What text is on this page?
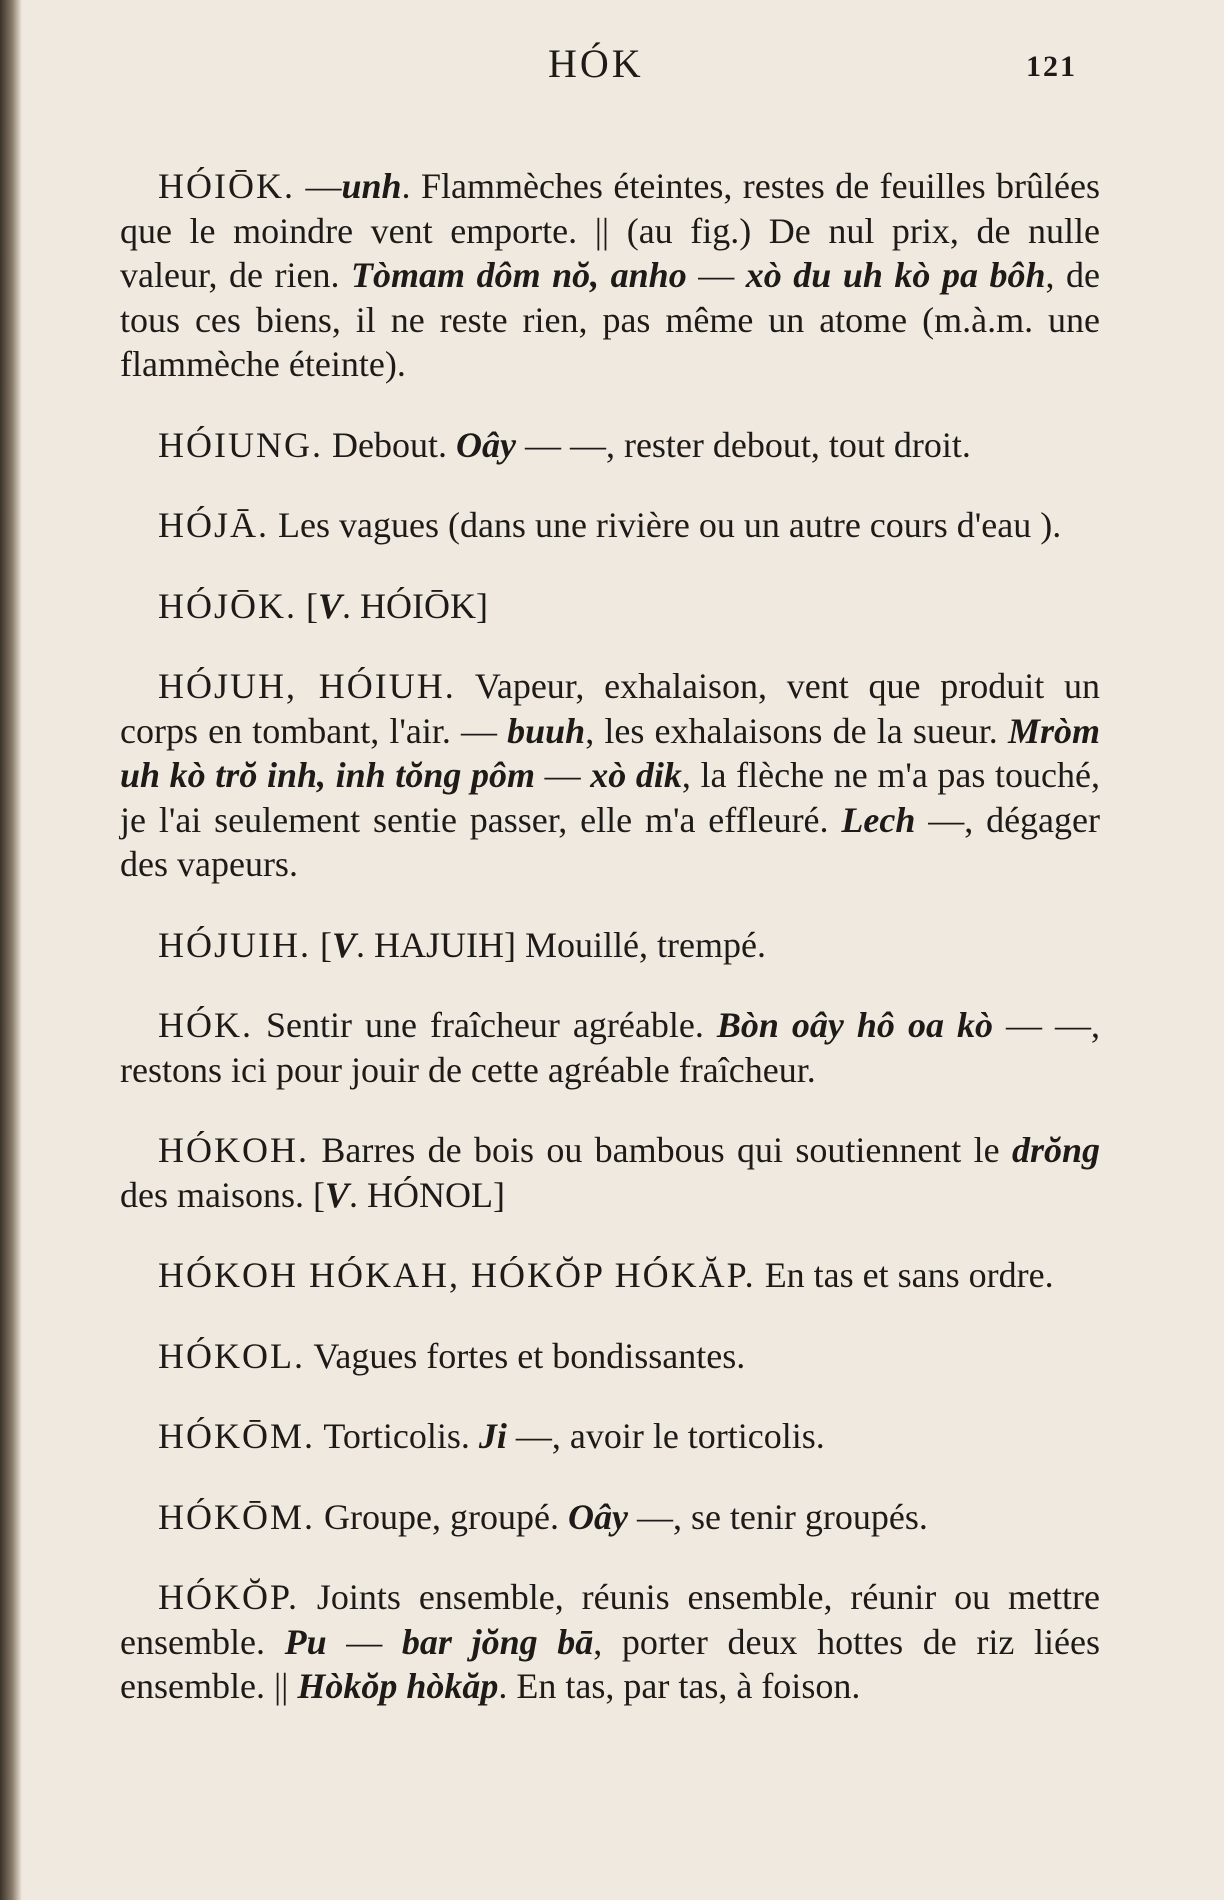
HÓK	121

HÓIŌK. —unh. Flammèches éteintes, restes de feuilles brûlées que le moindre vent emporte. || (au fig.) De nul prix, de nulle valeur, de rien. Tòmam dôm nŏ, anho — xò du uh kò pa bôh, de tous ces biens, il ne reste rien, pas même un atome (m.à.m. une flammèche éteinte).

HÓIUNG. Debout. Oây — —, rester debout, tout droit.

HÓJĀ. Les vagues (dans une rivière ou un autre cours d'eau ).

HÓJŌK. [V. HÓIŌK]

HÓJUH, HÓIUH. Vapeur, exhalaison, vent que produit un corps en tombant, l'air. — buuh, les exhalaisons de la sueur. Mròm uh kò trŏ inh, inh tŏng pôm — xò dik, la flèche ne m'a pas touché, je l'ai seulement sentie passer, elle m'a effleuré. Lech —, dégager des vapeurs.

HÓJUIH. [V. HAJUIH] Mouillé, trempé.

HÓK. Sentir une fraîcheur agréable. Bòn oây hô oa kò — —, restons ici pour jouir de cette agréable fraîcheur.

HÓKOH. Barres de bois ou bambous qui soutiennent le drŏng des maisons. [V. HÓNOL]

HÓKOH HÓKAH, HÓKŎP HÓKĂP. En tas et sans ordre.

HÓKOL. Vagues fortes et bondissantes.

HÓKŌM. Torticolis. Ji —, avoir le torticolis.

HÓKŌM. Groupe, groupé. Oây —, se tenir groupés.

HÓKŎP. Joints ensemble, réunis ensemble, réunir ou mettre ensemble. Pu — bar jŏng bā, porter deux hottes de riz liées ensemble. || Hòkŏp hòkăp. En tas, par tas, à foison.
